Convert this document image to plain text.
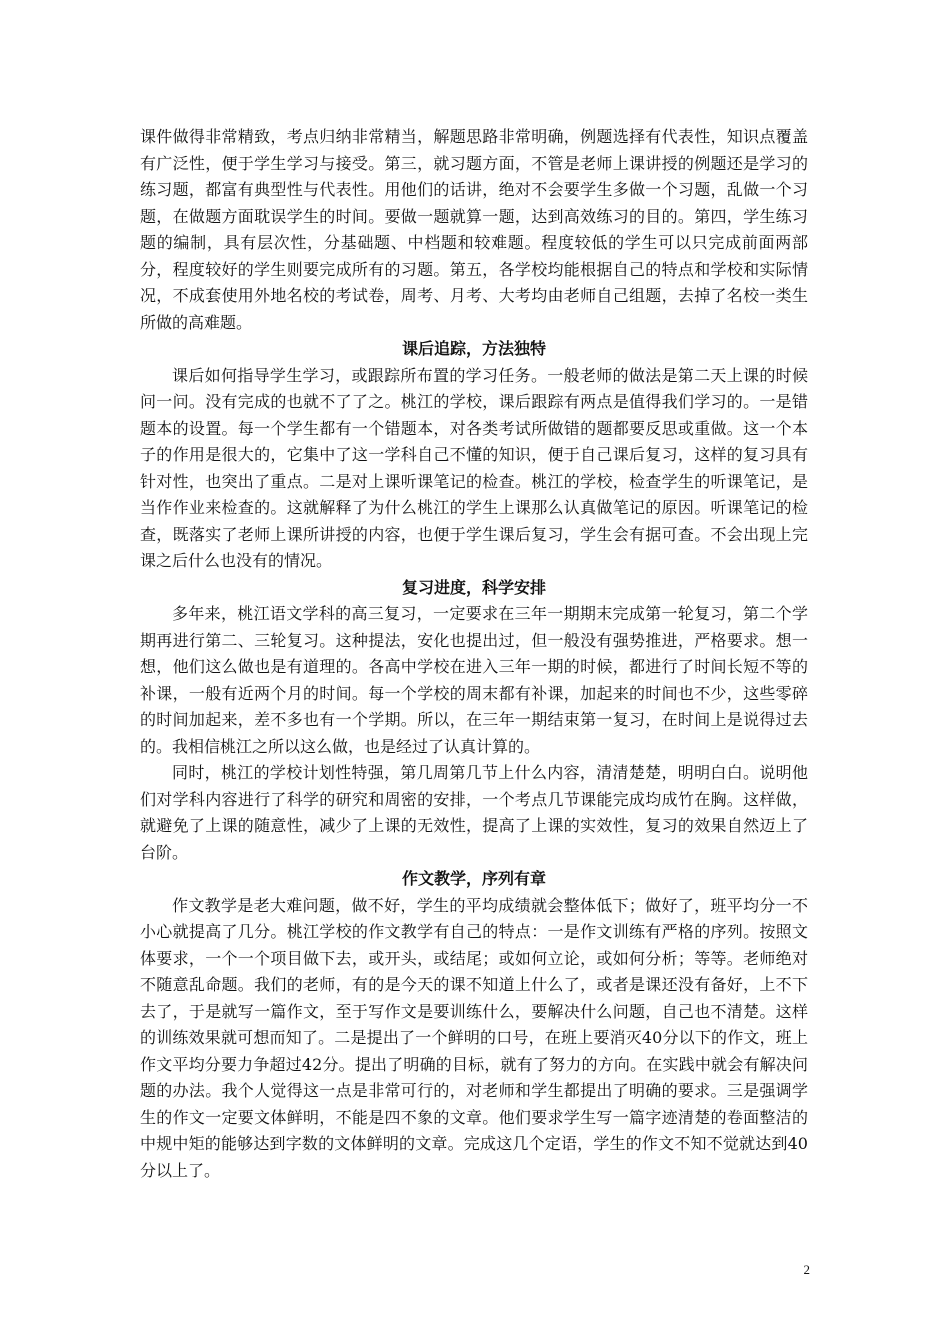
课件做得非常精致，考点归纳非常精当，解题思路非常明确，例题选择有代表性，知识点覆盖有广泛性，便于学生学习与接受。第三，就习题方面，不管是老师上课讲授的例题还是学习的练习题，都富有典型性与代表性。用他们的话讲，绝对不会要学生多做一个习题，乱做一个习题，在做题方面耽误学生的时间。要做一题就算一题，达到高效练习的目的。第四，学生练习题的编制，具有层次性，分基础题、中档题和较难题。程度较低的学生可以只完成前面两部分，程度较好的学生则要完成所有的习题。第五，各学校均能根据自己的特点和学校和实际情况，不成套使用外地名校的考试卷，周考、月考、大考均由老师自己组题，去掉了名校一类生所做的高难题。

课后追踪，方法独特

课后如何指导学生学习，或跟踪所布置的学习任务。一般老师的做法是第二天上课的时候问一问。没有完成的也就不了了之。桃江的学校，课后跟踪有两点是值得我们学习的。一是错题本的设置。每一个学生都有一个错题本，对各类考试所做错的题都要反思或重做。这一个本子的作用是很大的，它集中了这一学科自己不懂的知识，便于自己课后复习，这样的复习具有针对性，也突出了重点。二是对上课听课笔记的检查。桃江的学校，检查学生的听课笔记，是当作作业来检查的。这就解释了为什么桃江的学生上课那么认真做笔记的原因。听课笔记的检查，既落实了老师上课所讲授的内容，也便于学生课后复习，学生会有据可查。不会出现上完课之后什么也没有的情况。

复习进度，科学安排

多年来，桃江语文学科的高三复习，一定要求在三年一期期末完成第一轮复习，第二个学期再进行第二、三轮复习。这种提法，安化也提出过，但一般没有强势推进，严格要求。想一想，他们这么做也是有道理的。各高中学校在进入三年一期的时候，都进行了时间长短不等的补课，一般有近两个月的时间。每一个学校的周末都有补课，加起来的时间也不少，这些零碎的时间加起来，差不多也有一个学期。所以，在三年一期结束第一复习，在时间上是说得过去的。我相信桃江之所以这么做，也是经过了认真计算的。

同时，桃江的学校计划性特强，第几周第几节上什么内容，清清楚楚，明明白白。说明他们对学科内容进行了科学的研究和周密的安排，一个考点几节课能完成均成竹在胸。这样做，就避免了上课的随意性，减少了上课的无效性，提高了上课的实效性，复习的效果自然迈上了台阶。

作文教学，序列有章

作文教学是老大难问题，做不好，学生的平均成绩就会整体低下；做好了，班平均分一不小心就提高了几分。桃江学校的作文教学有自己的特点：一是作文训练有严格的序列。按照文体要求，一个一个项目做下去，或开头，或结尾；或如何立论，或如何分析；等等。老师绝对不随意乱命题。我们的老师，有的是今天的课不知道上什么了，或者是课还没有备好，上不下去了，于是就写一篇作文，至于写作文是要训练什么，要解决什么问题，自己也不清楚。这样的训练效果就可想而知了。二是提出了一个鲜明的口号，在班上要消灭40分以下的作文，班上作文平均分要力争超过42分。提出了明确的目标，就有了努力的方向。在实践中就会有解决问题的办法。我个人觉得这一点是非常可行的，对老师和学生都提出了明确的要求。三是强调学生的作文一定要文体鲜明，不能是四不象的文章。他们要求学生写一篇字迹清楚的卷面整洁的中规中矩的能够达到字数的文体鲜明的文章。完成这几个定语，学生的作文不知不觉就达到40分以上了。

2
